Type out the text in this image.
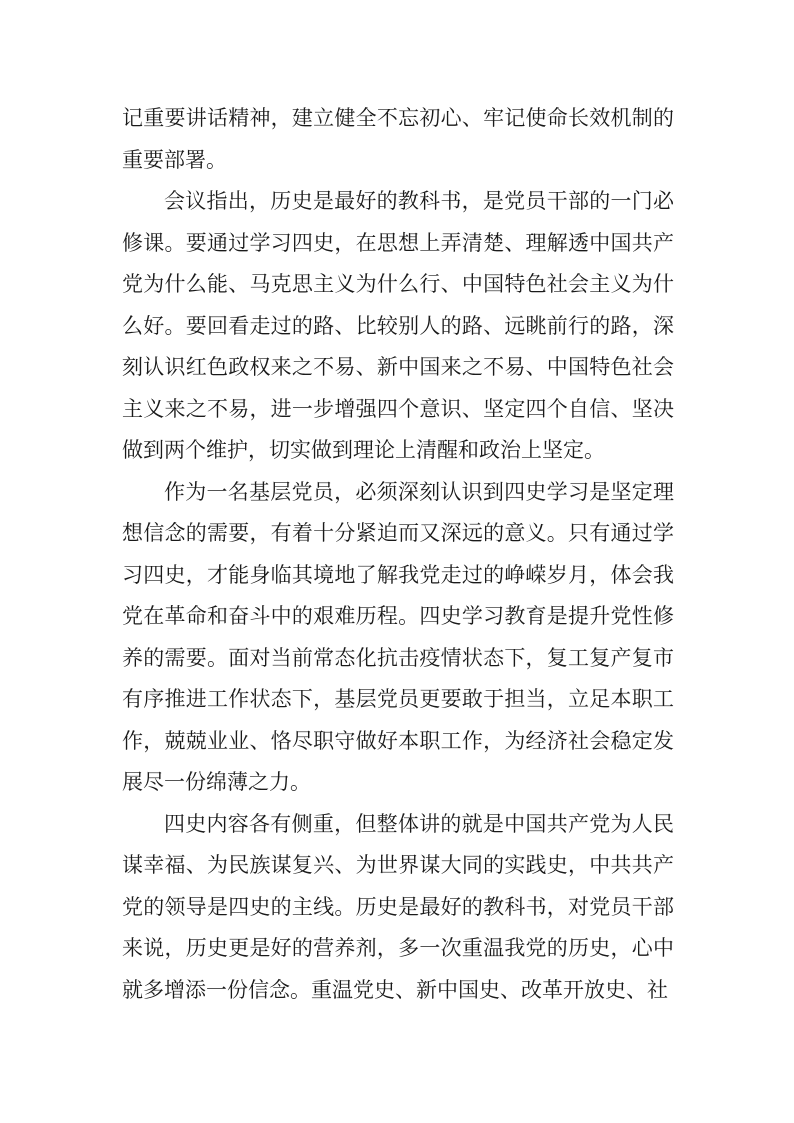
记重要讲话精神，建立健全不忘初心、牢记使命长效机制的重要部署。

会议指出，历史是最好的教科书，是党员干部的一门必修课。要通过学习四史，在思想上弄清楚、理解透中国共产党为什么能、马克思主义为什么行、中国特色社会主义为什么好。要回看走过的路、比较别人的路、远眺前行的路，深刻认识红色政权来之不易、新中国来之不易、中国特色社会主义来之不易，进一步增强四个意识、坚定四个自信、坚决做到两个维护，切实做到理论上清醒和政治上坚定。

作为一名基层党员，必须深刻认识到四史学习是坚定理想信念的需要，有着十分紧迫而又深远的意义。只有通过学习四史，才能身临其境地了解我党走过的峥嵘岁月，体会我党在革命和奋斗中的艰难历程。四史学习教育是提升党性修养的需要。面对当前常态化抗击疫情状态下，复工复产复市有序推进工作状态下，基层党员更要敢于担当，立足本职工作，兢兢业业、恪尽职守做好本职工作，为经济社会稳定发展尽一份绵薄之力。

四史内容各有侧重，但整体讲的就是中国共产党为人民谋幸福、为民族谋复兴、为世界谋大同的实践史，中共共产党的领导是四史的主线。历史是最好的教科书，对党员干部来说，历史更是好的营养剂，多一次重温我党的历史，心中就多增添一份信念。重温党史、新中国史、改革开放史、社
